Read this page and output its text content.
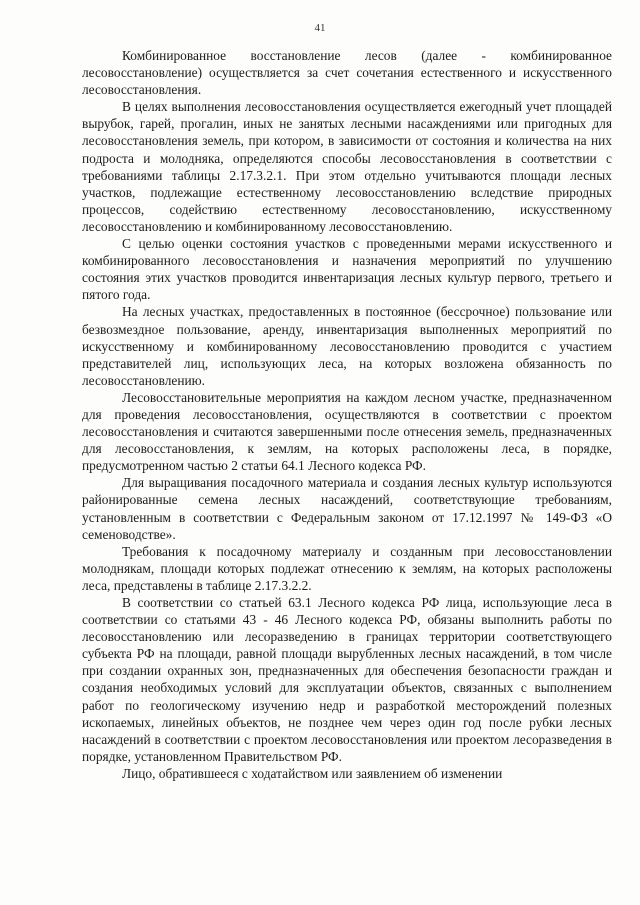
41

Комбинированное восстановление лесов (далее - комбинированное лесовосстановление) осуществляется за счет сочетания естественного и искусственного лесовосстановления.

В целях выполнения лесовосстановления осуществляется ежегодный учет площадей вырубок, гарей, прогалин, иных не занятых лесными насаждениями или пригодных для лесовосстановления земель, при котором, в зависимости от состояния и количества на них подроста и молодняка, определяются способы лесовосстановления в соответствии с требованиями таблицы 2.17.3.2.1. При этом отдельно учитываются площади лесных участков, подлежащие естественному лесовосстановлению вследствие природных процессов, содействию естественному лесовосстановлению, искусственному лесовосстановлению и комбинированному лесовосстановлению.

С целью оценки состояния участков с проведенными мерами искусственного и комбинированного лесовосстановления и назначения мероприятий по улучшению состояния этих участков проводится инвентаризация лесных культур первого, третьего и пятого года.

На лесных участках, предоставленных в постоянное (бессрочное) пользование или безвозмездное пользование, аренду, инвентаризация выполненных мероприятий по искусственному и комбинированному лесовосстановлению проводится с участием представителей лиц, использующих леса, на которых возложена обязанность по лесовосстановлению.

Лесовосстановительные мероприятия на каждом лесном участке, предназначенном для проведения лесовосстановления, осуществляются в соответствии с проектом лесовосстановления и считаются завершенными после отнесения земель, предназначенных для лесовосстановления, к землям, на которых расположены леса, в порядке, предусмотренном частью 2 статьи 64.1 Лесного кодекса РФ.

Для выращивания посадочного материала и создания лесных культур используются районированные семена лесных насаждений, соответствующие требованиям, установленным в соответствии с Федеральным законом от 17.12.1997 № 149-ФЗ «О семеноводстве».

Требования к посадочному материалу и созданным при лесовосстановлении молоднякам, площади которых подлежат отнесению к землям, на которых расположены леса, представлены в таблице 2.17.3.2.2.

В соответствии со статьей 63.1 Лесного кодекса РФ лица, использующие леса в соответствии со статьями 43 - 46 Лесного кодекса РФ, обязаны выполнить работы по лесовосстановлению или лесоразведению в границах территории соответствующего субъекта РФ на площади, равной площади вырубленных лесных насаждений, в том числе при создании охранных зон, предназначенных для обеспечения безопасности граждан и создания необходимых условий для эксплуатации объектов, связанных с выполнением работ по геологическому изучению недр и разработкой месторождений полезных ископаемых, линейных объектов, не позднее чем через один год после рубки лесных насаждений в соответствии с проектом лесовосстановления или проектом лесоразведения в порядке, установленном Правительством РФ.

Лицо, обратившееся с ходатайством или заявлением об изменении
